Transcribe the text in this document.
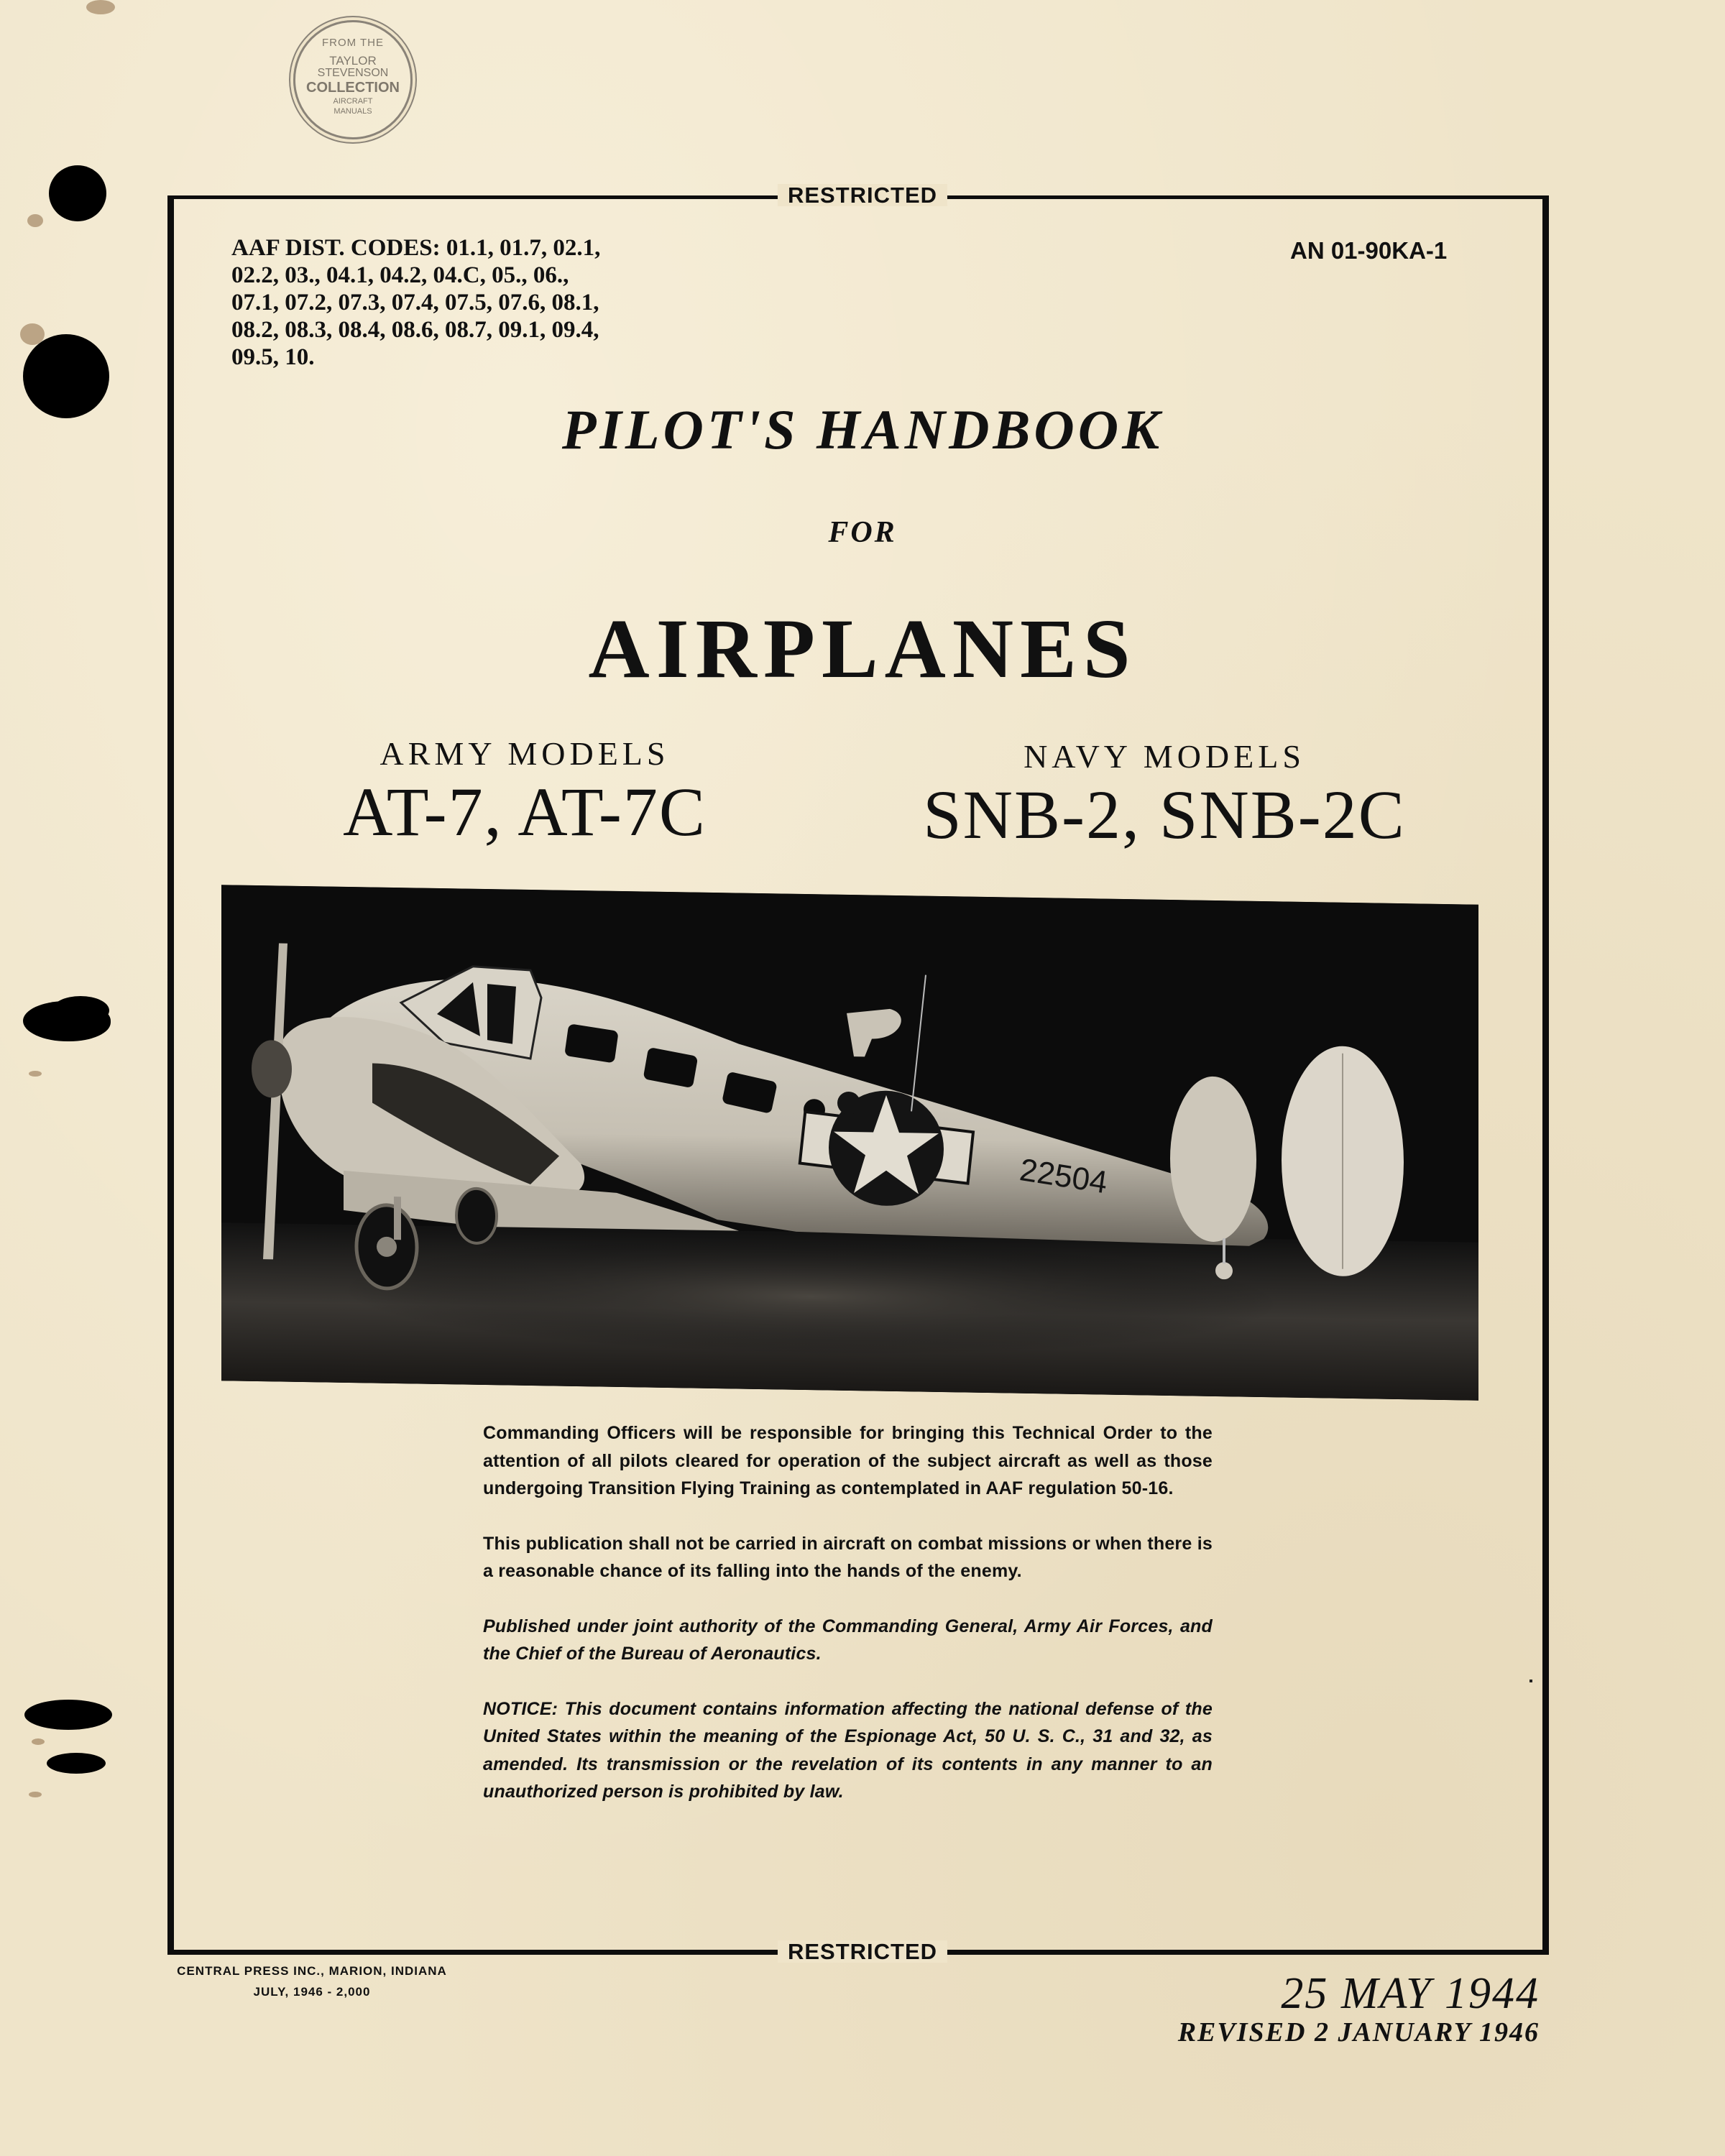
FROM THE
TAYLOR
STEVENSON
COLLECTION
AIRCRAFT
MANUALS
RESTRICTED
RESTRICTED
AAF DIST. CODES: 01.1, 01.7, 02.1,
02.2, 03., 04.1, 04.2, 04.C, 05., 06.,
07.1, 07.2, 07.3, 07.4, 07.5, 07.6, 08.1,
08.2, 08.3, 08.4, 08.6, 08.7, 09.1, 09.4,
09.5, 10.
AN 01-90KA-1
PILOT'S HANDBOOK
FOR
AIRPLANES
ARMY MODELS
AT-7, AT-7C
NAVY MODELS
SNB-2, SNB-2C
22504

Commanding Officers will be responsible for bringing this Technical Order to the attention of all pilots cleared for operation of the subject aircraft as well as those undergoing Transition Flying Training as contemplated in AAF regulation 50-16.

This publication shall not be carried in aircraft on combat missions or when there is a reasonable chance of its falling into the hands of the enemy.

Published under joint authority of the Commanding General, Army Air Forces, and the Chief of the Bureau of Aeronautics.

NOTICE: This document contains information affecting the national defense of the United States within the meaning of the Espionage Act, 50 U. S. C., 31 and 32, as amended. Its transmission or the revelation of its contents in any manner to an unauthorized person is prohibited by law.

CENTRAL PRESS INC., MARION, INDIANA
JULY, 1946 - 2,000	25 MAY 1944
REVISED 2 JANUARY 1946
